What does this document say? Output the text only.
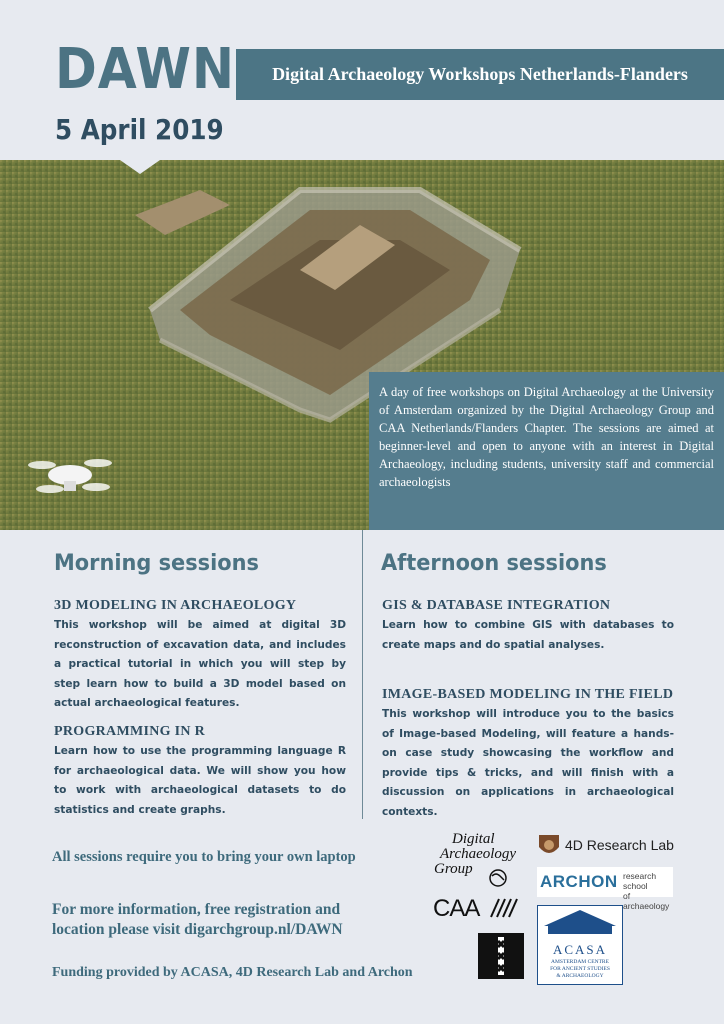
DAWN
5 April 2019
Digital Archaeology Workshops Netherlands-Flanders
A day of free workshops on Digital Archaeology at the University of Amsterdam organized by the Digital Archaeology Group and CAA Netherlands/Flanders Chapter. The sessions are aimed at beginner-level and open to anyone with an interest in Digital Archaeology, including students, university staff and commercial archaeologists
Morning sessions
3D MODELING IN ARCHAEOLOGY
This workshop will be aimed at digital 3D reconstruction of excavation data, and includes a practical tutorial in which you will step by step learn how to build a 3D model based on actual archaeological features.
PROGRAMMING IN R
Learn how to use the programming language R for archaeological data. We will show you how to work with archaeological datasets to do statistics and create graphs.
Afternoon sessions
GIS & DATABASE INTEGRATION
Learn how to combine GIS with databases to create maps and do spatial analyses.
IMAGE-BASED MODELING IN THE FIELD
This workshop will introduce you to the basics of Image-based Modeling, will feature a hands-on case study showcasing the workflow and provide tips & tricks, and will finish with a discussion on applications in archaeological contexts.
All sessions require you to bring your own laptop
For more information, free registration and
location please visit digarchgroup.nl/DAWN
Funding provided by ACASA, 4D Research Lab and Archon
Digital
Archaeology
Group
4D Research Lab
ARCHON research school
of archaeology
CAA
ACASA
AMSTERDAM CENTRE
FOR ANCIENT STUDIES
& ARCHAEOLOGY
